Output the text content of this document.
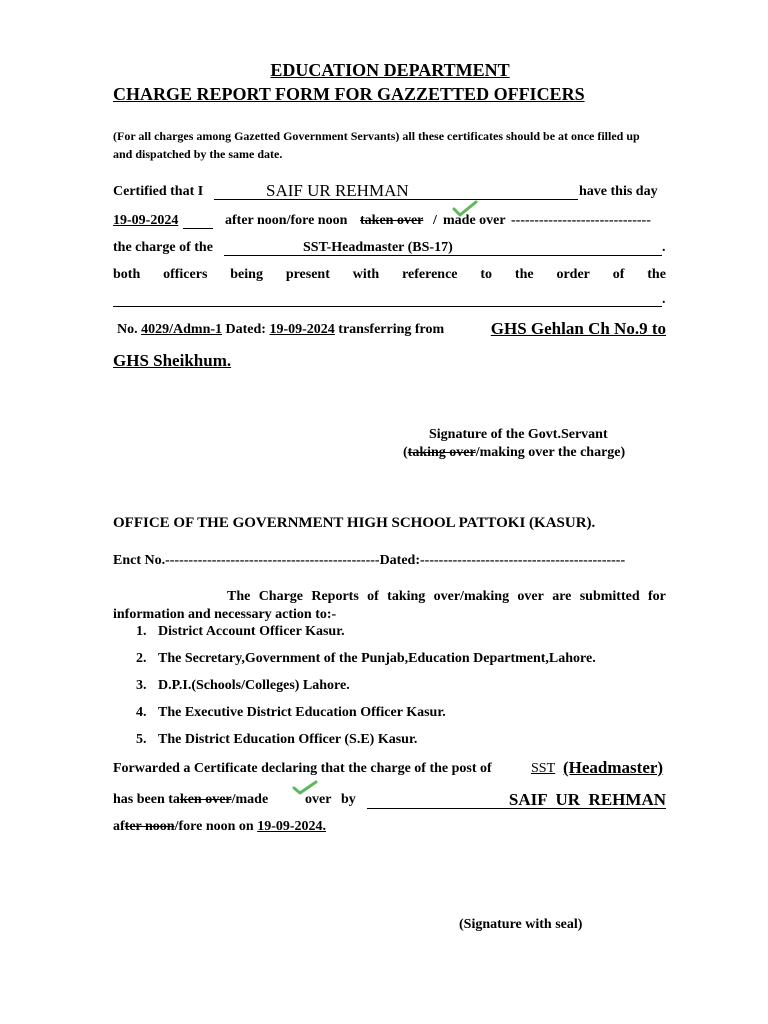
EDUCATION DEPARTMENT
CHARGE REPORT FORM FOR GAZZETTED OFFICERS
(For all charges among Gazetted Government Servants) all these certificates should be at once filled up
and dispatched by the same date.
Certified that I	SAIF UR REHMAN	have this day
19-09-2024	after noon/fore noon taken over / made over ------------------------------
the charge of the	SST-Headmaster (BS-17)	.
both officers being present with reference to the order of the
.
No. 4029/Admn-1 Dated: 19-09-2024 transferring from	GHS Gehlan Ch No.9 to
GHS Sheikhum.
Signature of the Govt.Servant
(taking over/making over the charge)
OFFICE OF THE GOVERNMENT HIGH SCHOOL PATTOKI (KASUR).
Enct No.----------------------------------------------Dated:--------------------------------------------
The Charge Reports of taking over/making over are submitted for
information and necessary action to:-
1. District Account Officer Kasur.
2. The Secretary,Government of the Punjab,Education Department,Lahore.
3. D.P.I.(Schools/Colleges) Lahore.
4. The Executive District Education Officer Kasur.
5. The District Education Officer (S.E) Kasur.
Forwarded a Certificate declaring that the charge of the post of	SST (Headmaster)
has been taken over/made	over by	SAIF  UR  REHMAN
after noon/fore noon on 19-09-2024.
(Signature with seal)
